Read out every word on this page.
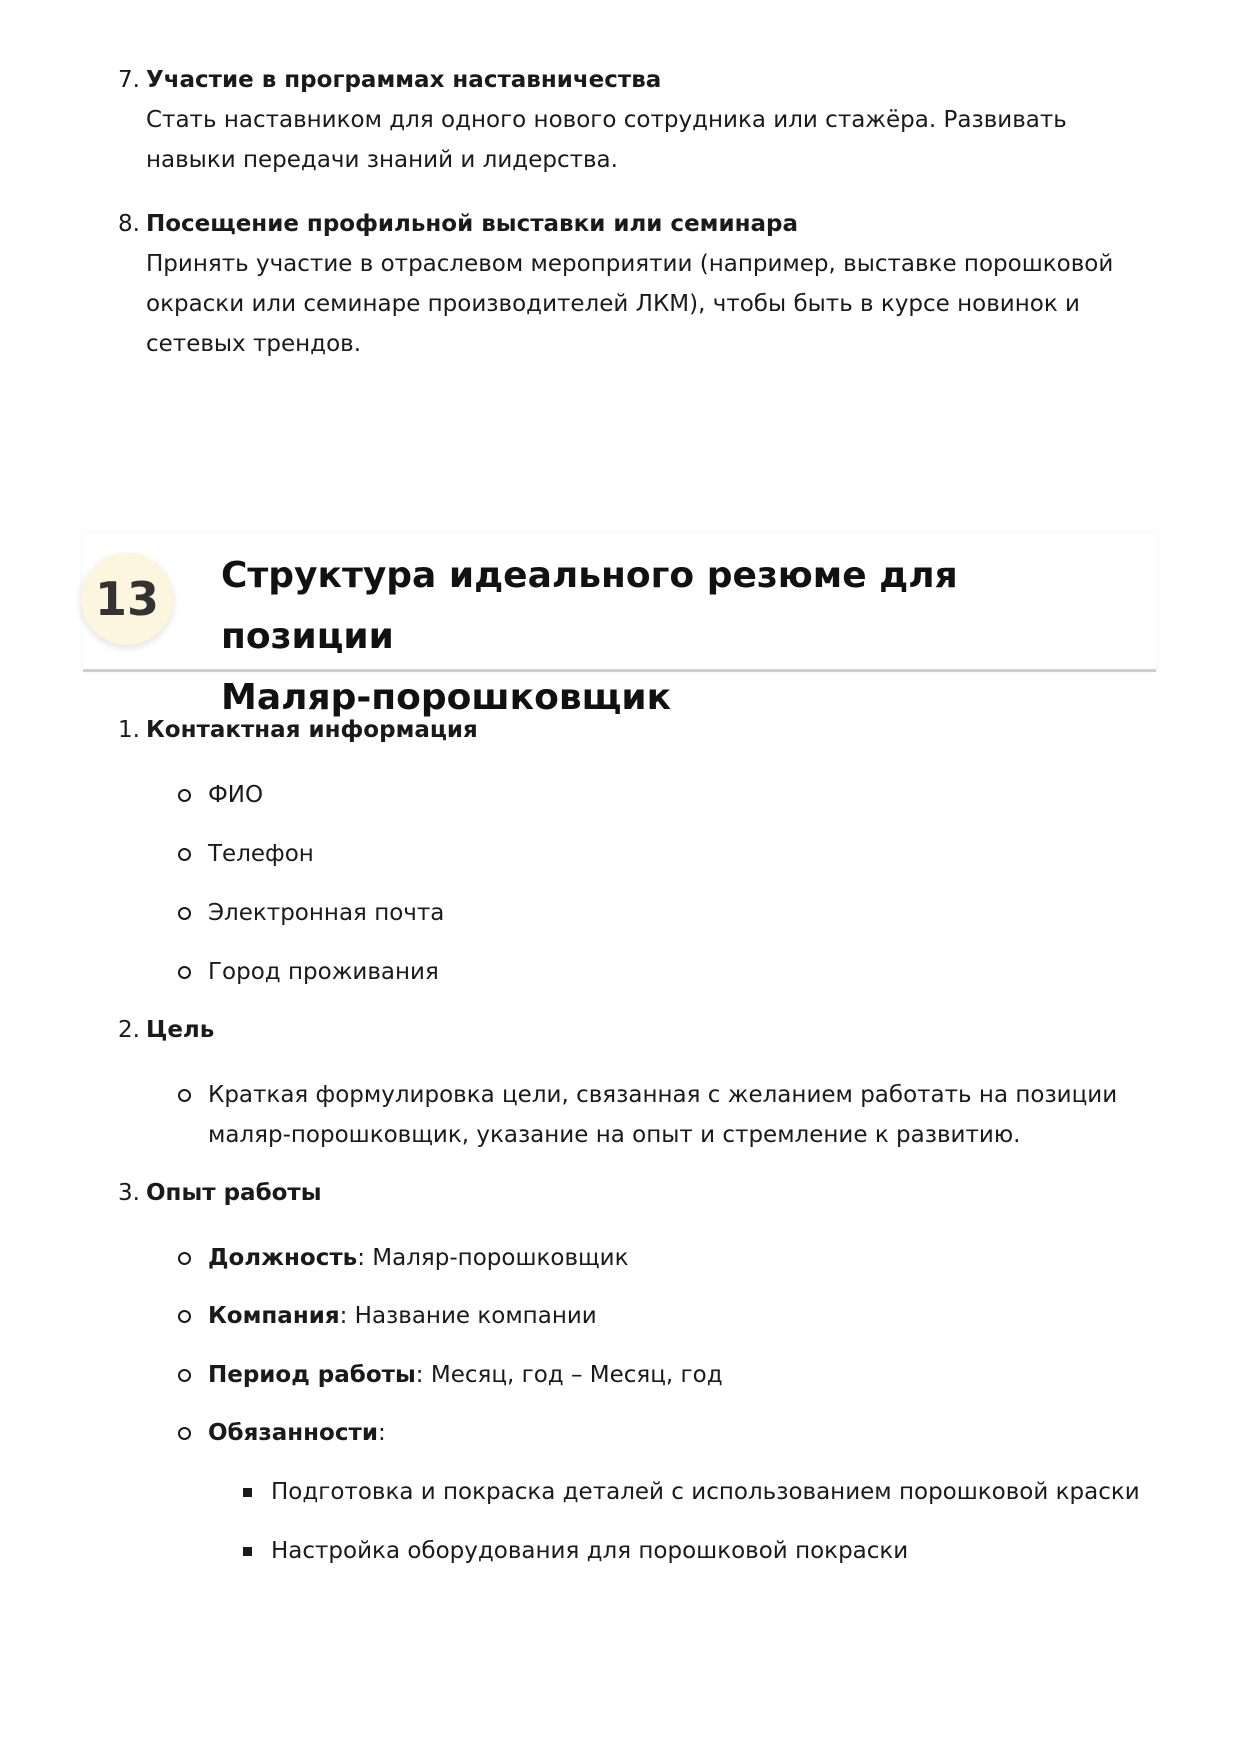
7. Участие в программах наставничества
Стать наставником для одного нового сотрудника или стажёра. Развивать навыки передачи знаний и лидерства.
8. Посещение профильной выставки или семинара
Принять участие в отраслевом мероприятии (например, выставке порошковой окраски или семинаре производителей ЛКМ), чтобы быть в курсе новинок и сетевых трендов.
13	Структура идеального резюме для позиции
Маляр-порошковщик
1. Контактная информация
ФИО
Телефон
Электронная почта
Город проживания
2. Цель
Краткая формулировка цели, связанная с желанием работать на позиции маляр-порошковщик, указание на опыт и стремление к развитию.
3. Опыт работы
Должность: Маляр-порошковщик
Компания: Название компании
Период работы: Месяц, год – Месяц, год
Обязанности:
Подготовка и покраска деталей с использованием порошковой краски
Настройка оборудования для порошковой покраски
